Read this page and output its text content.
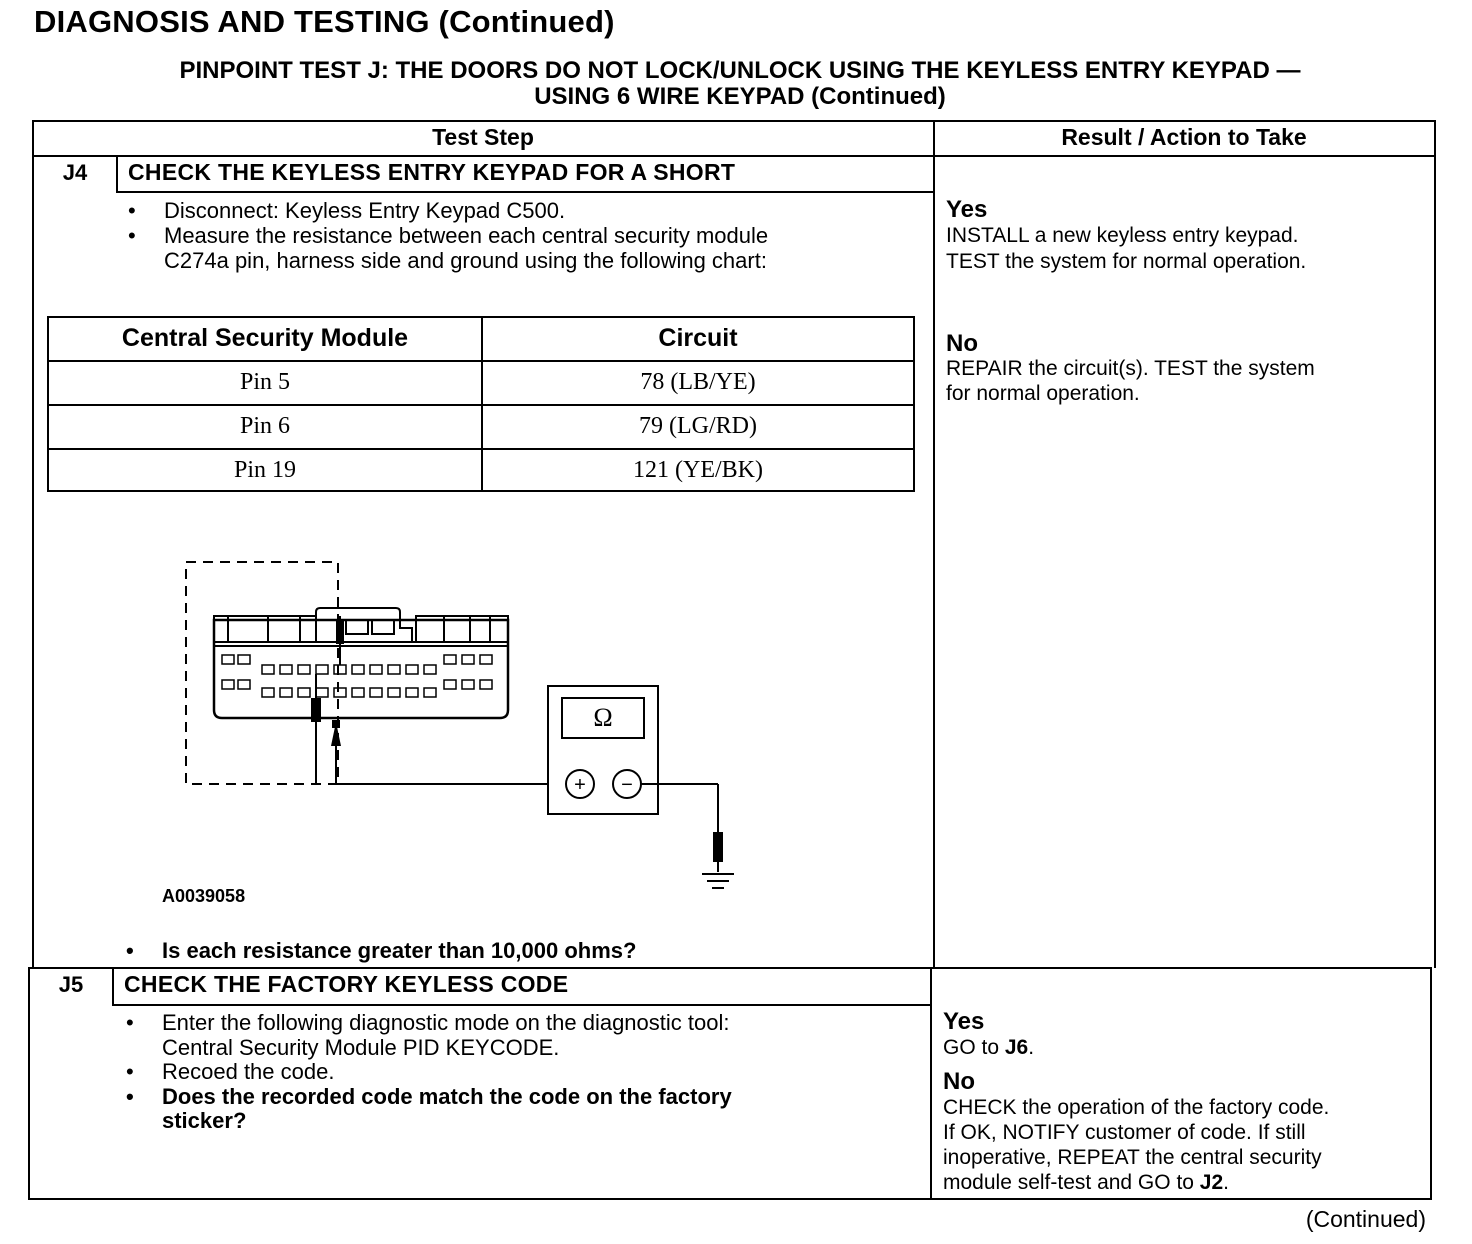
DIAGNOSIS AND TESTING (Continued)
PINPOINT TEST J: THE DOORS DO NOT LOCK/UNLOCK USING THE KEYLESS ENTRY KEYPAD —
USING 6 WIRE KEYPAD (Continued)
Test Step	Result / Action to Take
J4	CHECK THE KEYLESS ENTRY KEYPAD FOR A SHORT
• Disconnect: Keyless Entry Keypad C500.
• Measure the resistance between each central security module
C274a pin, harness side and ground using the following chart:
Central Security Module	Circuit
Pin 5	78 (LB/YE)
Pin 6	79 (LG/RD)
Pin 19	121 (YE/BK)
Ω
+ −
A0039058
• Is each resistance greater than 10,000 ohms?
Yes
INSTALL a new keyless entry keypad.
TEST the system for normal operation.
No
REPAIR the circuit(s). TEST the system
for normal operation.
J5	CHECK THE FACTORY KEYLESS CODE
• Enter the following diagnostic mode on the diagnostic tool:
Central Security Module PID KEYCODE.
• Recoed the code.
• Does the recorded code match the code on the factory
sticker?
Yes
GO to J6.
No
CHECK the operation of the factory code.
If OK, NOTIFY customer of code. If still
inoperative, REPEAT the central security
module self-test and GO to J2.
(Continued)
